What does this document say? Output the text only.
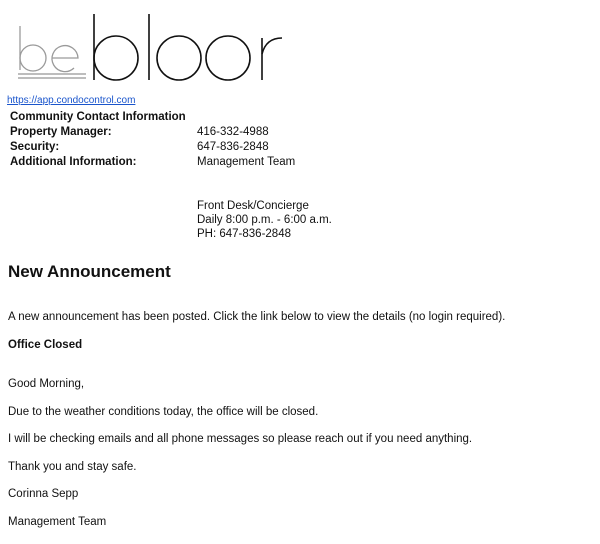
https://app.condocontrol.com
Community Contact Information
Property Manager:	416-332-4988
Security:	647-836-2848
Additional Information:	Management Team
Front Desk/Concierge
Daily 8:00 p.m. - 6:00 a.m.
PH: 647-836-2848
New Announcement
A new announcement has been posted. Click the link below to view the details (no login required).
Office Closed
Good Morning,
Due to the weather conditions today, the office will be closed.
I will be checking emails and all phone messages so please reach out if you need anything.
Thank you and stay safe.
Corinna Sepp
Management Team
